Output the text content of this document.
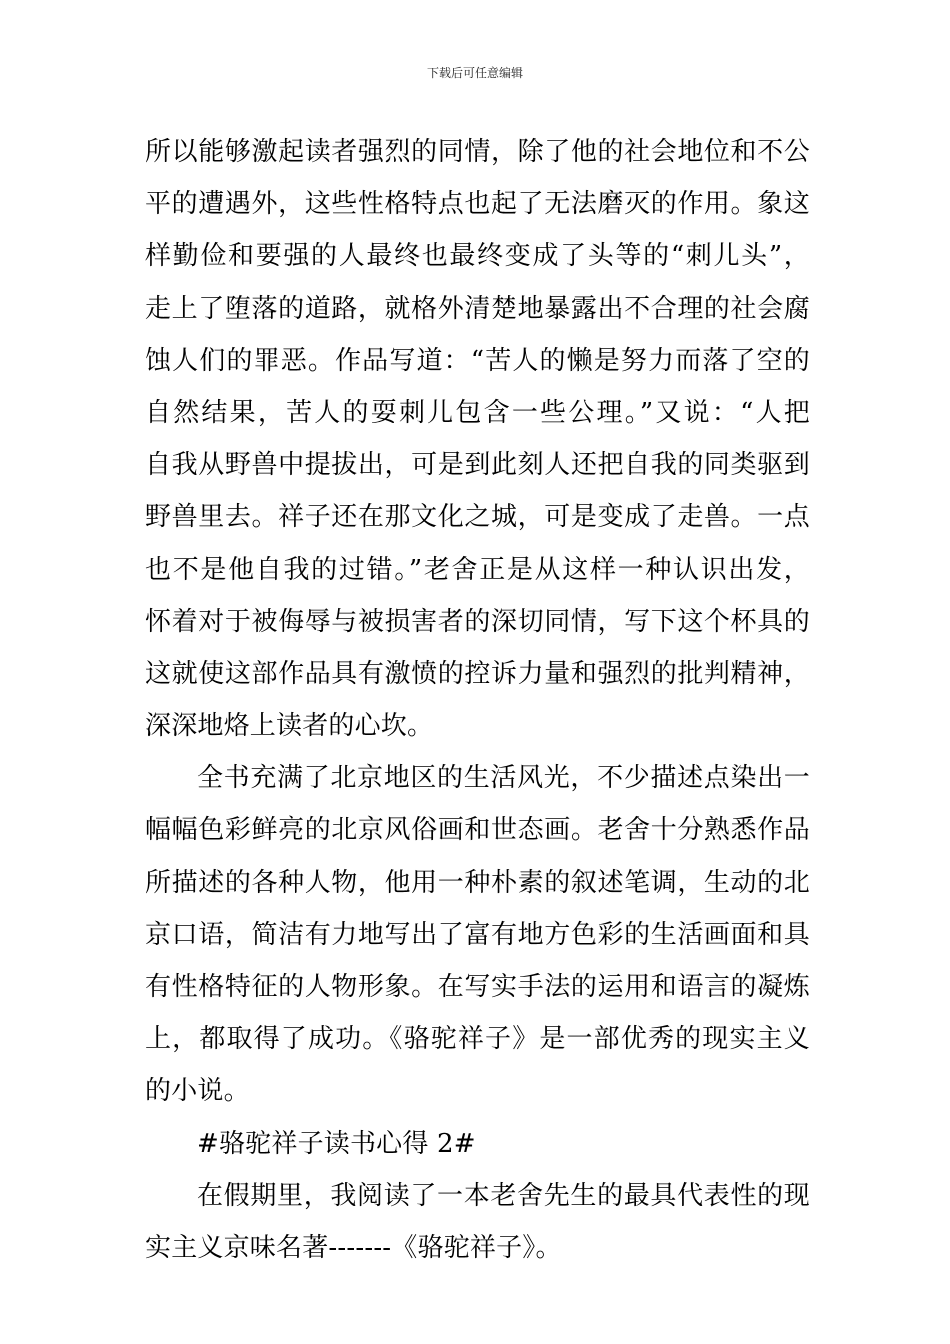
下载后可任意编辑
所以能够激起读者强烈的同情，除了他的社会地位和不公
平的遭遇外，这些性格特点也起了无法磨灭的作用。象这
样勤俭和要强的人最终也最终变成了头等的“刺儿头”，
走上了堕落的道路，就格外清楚地暴露出不合理的社会腐
蚀人们的罪恶。作品写道：“苦人的懒是努力而落了空的
自然结果，苦人的耍刺儿包含一些公理。”又说：“人把
自我从野兽中提拔出，可是到此刻人还把自我的同类驱到
野兽里去。祥子还在那文化之城，可是变成了走兽。一点
也不是他自我的过错。”老舍正是从这样一种认识出发，
怀着对于被侮辱与被损害者的深切同情，写下这个杯具的
这就使这部作品具有激愤的控诉力量和强烈的批判精神，
深深地烙上读者的心坎。
全书充满了北京地区的生活风光，不少描述点染出一
幅幅色彩鲜亮的北京风俗画和世态画。老舍十分熟悉作品
所描述的各种人物，他用一种朴素的叙述笔调，生动的北
京口语，简洁有力地写出了富有地方色彩的生活画面和具
有性格特征的人物形象。在写实手法的运用和语言的凝炼
上，都取得了成功。《骆驼祥子》是一部优秀的现实主义
的小说。
#骆驼祥子读书心得 2#
在假期里，我阅读了一本老舍先生的最具代表性的现
实主义京味名著-------《骆驼祥子》。
